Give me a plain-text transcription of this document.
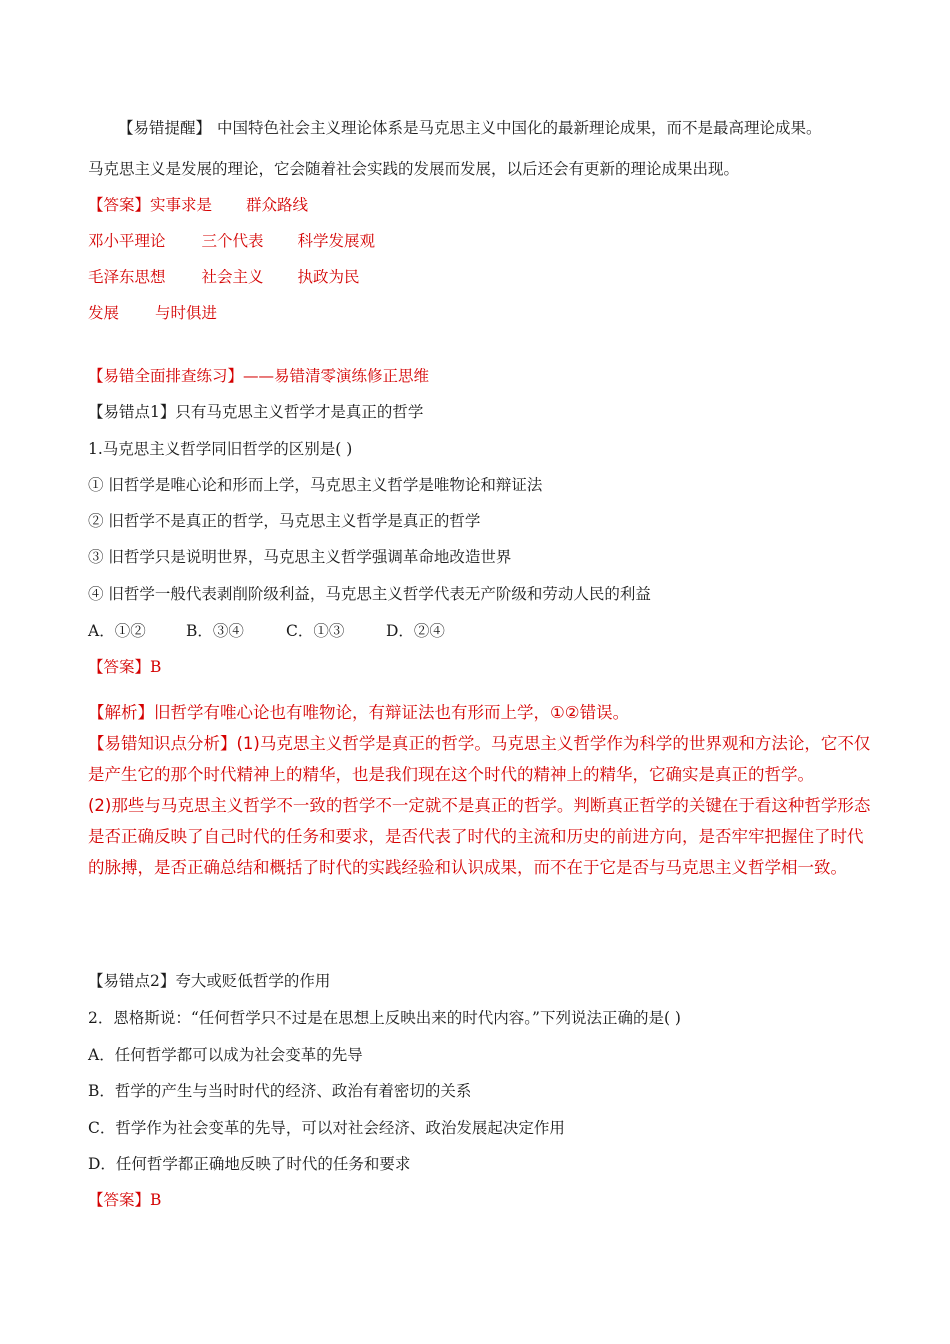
【易错提醒】 中国特色社会主义理论体系是马克思主义中国化的最新理论成果，而不是最高理论成果。
马克思主义是发展的理论，它会随着社会实践的发展而发展，以后还会有更新的理论成果出现。
【答案】实事求是 群众路线
邓小平理论 三个代表 科学发展观
毛泽东思想 社会主义 执政为民
发展 与时俱进
【易错全面排查练习】——易错清零演练修正思维
【易错点1】只有马克思主义哲学才是真正的哲学
1.马克思主义哲学同旧哲学的区别是( )
① 旧哲学是唯心论和形而上学，马克思主义哲学是唯物论和辩证法
② 旧哲学不是真正的哲学，马克思主义哲学是真正的哲学
③ 旧哲学只是说明世界，马克思主义哲学强调革命地改造世界
④ 旧哲学一般代表剥削阶级利益，马克思主义哲学代表无产阶级和劳动人民的利益
A．①②	B．③④	C．①③	D．②④
【答案】B

【解析】旧哲学有唯心论也有唯物论，有辩证法也有形而上学，①②错误。

【易错知识点分析】(1)马克思主义哲学是真正的哲学。马克思主义哲学作为科学的世界观和方法论，它不仅是产生它的那个时代精神上的精华，也是我们现在这个时代的精神上的精华，它确实是真正的哲学。

(2)那些与马克思主义哲学不一致的哲学不一定就不是真正的哲学。判断真正哲学的关键在于看这种哲学形态是否正确反映了自己时代的任务和要求，是否代表了时代的主流和历史的前进方向，是否牢牢把握住了时代的脉搏，是否正确总结和概括了时代的实践经验和认识成果，而不在于它是否与马克思主义哲学相一致。

【易错点2】夸大或贬低哲学的作用
2．恩格斯说：“任何哲学只不过是在思想上反映出来的时代内容。”下列说法正确的是( )
A．任何哲学都可以成为社会变革的先导
B．哲学的产生与当时时代的经济、政治有着密切的关系
C．哲学作为社会变革的先导，可以对社会经济、政治发展起决定作用
D．任何哲学都正确地反映了时代的任务和要求
【答案】B
